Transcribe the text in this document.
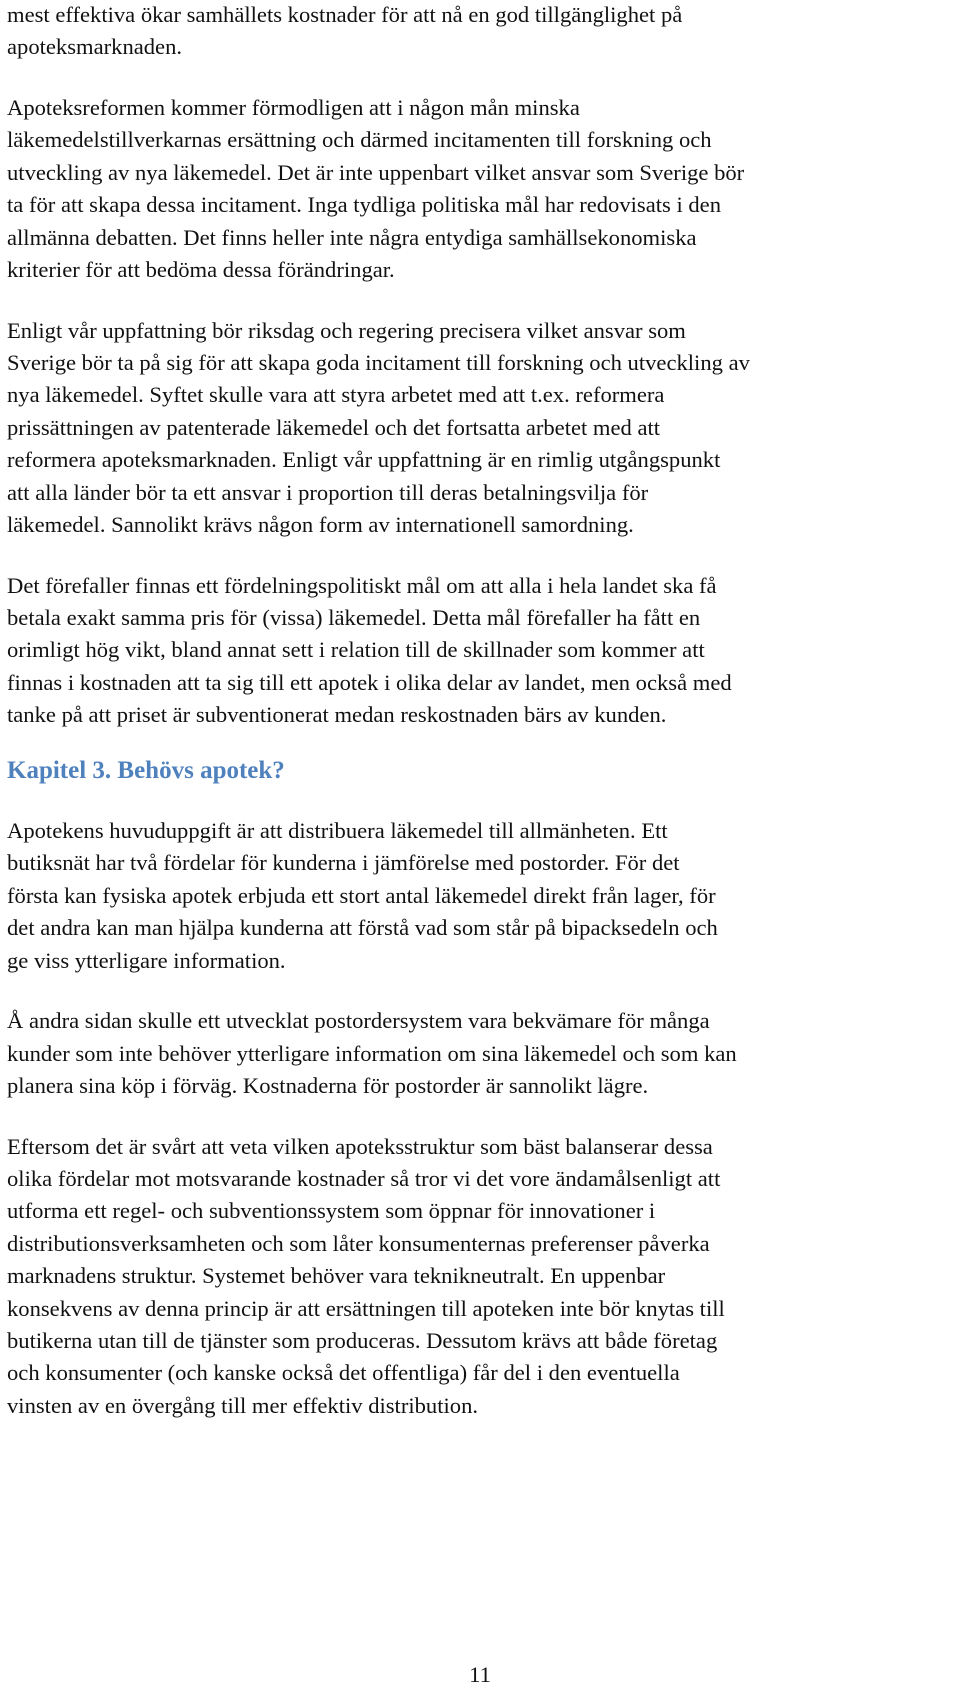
mest effektiva ökar samhällets kostnader för att nå en god tillgänglighet på
apoteksmarknaden.

Apoteksreformen kommer förmodligen att i någon mån minska
läkemedelstillverkarnas ersättning och därmed incitamenten till forskning och
utveckling av nya läkemedel. Det är inte uppenbart vilket ansvar som Sverige bör
ta för att skapa dessa incitament. Inga tydliga politiska mål har redovisats i den
allmänna debatten. Det finns heller inte några entydiga samhällsekonomiska
kriterier för att bedöma dessa förändringar.

Enligt vår uppfattning bör riksdag och regering precisera vilket ansvar som
Sverige bör ta på sig för att skapa goda incitament till forskning och utveckling av
nya läkemedel. Syftet skulle vara att styra arbetet med att t.ex. reformera
prissättningen av patenterade läkemedel och det fortsatta arbetet med att
reformera apoteksmarknaden. Enligt vår uppfattning är en rimlig utgångspunkt
att alla länder bör ta ett ansvar i proportion till deras betalningsvilja för
läkemedel. Sannolikt krävs någon form av internationell samordning.

Det förefaller finnas ett fördelningspolitiskt mål om att alla i hela landet ska få
betala exakt samma pris för (vissa) läkemedel. Detta mål förefaller ha fått en
orimligt hög vikt, bland annat sett i relation till de skillnader som kommer att
finnas i kostnaden att ta sig till ett apotek i olika delar av landet, men också med
tanke på att priset är subventionerat medan reskostnaden bärs av kunden.

Kapitel 3. Behövs apotek?

Apotekens huvuduppgift är att distribuera läkemedel till allmänheten. Ett
butiksnät har två fördelar för kunderna i jämförelse med postorder. För det
första kan fysiska apotek erbjuda ett stort antal läkemedel direkt från lager, för
det andra kan man hjälpa kunderna att förstå vad som står på bipacksedeln och
ge viss ytterligare information.

Å andra sidan skulle ett utvecklat postordersystem vara bekvämare för många
kunder som inte behöver ytterligare information om sina läkemedel och som kan
planera sina köp i förväg. Kostnaderna för postorder är sannolikt lägre.

Eftersom det är svårt att veta vilken apoteksstruktur som bäst balanserar dessa
olika fördelar mot motsvarande kostnader så tror vi det vore ändamålsenligt att
utforma ett regel- och subventionssystem som öppnar för innovationer i
distributionsverksamheten och som låter konsumenternas preferenser påverka
marknadens struktur. Systemet behöver vara teknikneutralt. En uppenbar
konsekvens av denna princip är att ersättningen till apoteken inte bör knytas till
butikerna utan till de tjänster som produceras. Dessutom krävs att både företag
och konsumenter (och kanske också det offentliga) får del i den eventuella
vinsten av en övergång till mer effektiv distribution.

11
